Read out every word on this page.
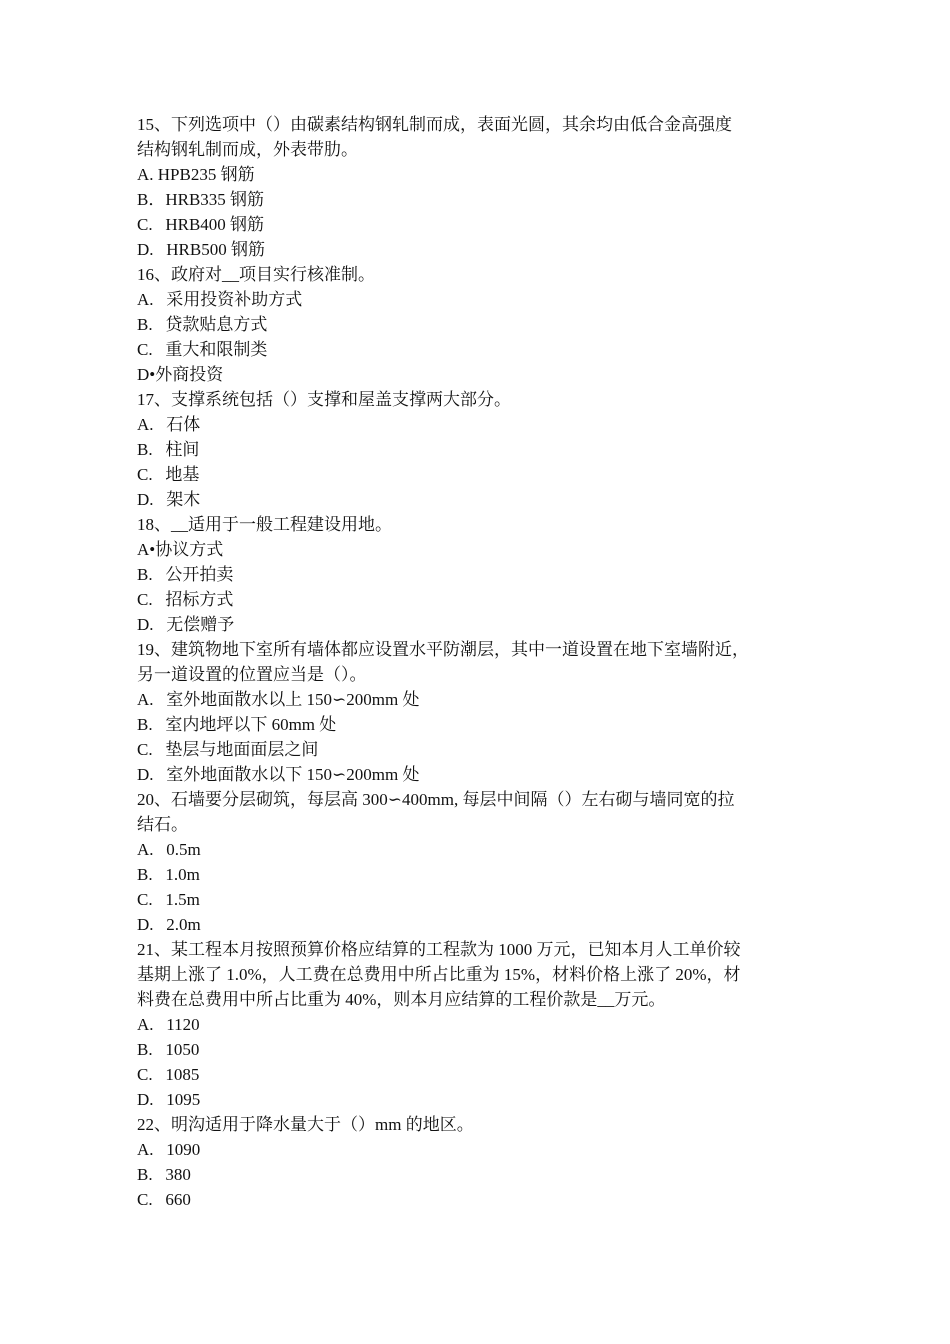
15、下列选项中（）由碳素结构钢轧制而成，表面光圆，其余均由低合金高强度
结构钢轧制而成，外表带肋。
A. HPB235 钢筋
B．HRB335 钢筋
C.   HRB400 钢筋
D.   HRB500 钢筋
16、政府对__项目实行核准制。
A.   采用投资补助方式
B.   贷款贴息方式
C.   重大和限制类
D•外商投资
17、支撑系统包括（）支撑和屋盖支撑两大部分。
A.   石体
B.   柱间
C.   地基
D.   架木
18、__适用于一般工程建设用地。
A•协议方式
B.   公开拍卖
C.   招标方式
D.   无偿赠予
19、建筑物地下室所有墙体都应设置水平防潮层，其中一道设置在地下室墙附近，
另一道设置的位置应当是（）。
A.   室外地面散水以上 150∽200mm 处
B.   室内地坪以下 60mm 处
C.   垫层与地面面层之间
D.   室外地面散水以下 150∽200mm 处
20、石墙要分层砌筑，每层高 300∽400mm, 每层中间隔（）左右砌与墙同宽的拉
结石。
A.   0.5m
B.   1.0m
C.   1.5m
D.   2.0m
21、某工程本月按照预算价格应结算的工程款为 1000 万元，已知本月人工单价较
基期上涨了 1.0%，人工费在总费用中所占比重为 15%，材料价格上涨了 20%，材
料费在总费用中所占比重为 40%，则本月应结算的工程价款是__万元。
A.   1120
B.   1050
C.   1085
D.   1095
22、明沟适用于降水量大于（）mm 的地区。
A.   1090
B.   380
C.   660
